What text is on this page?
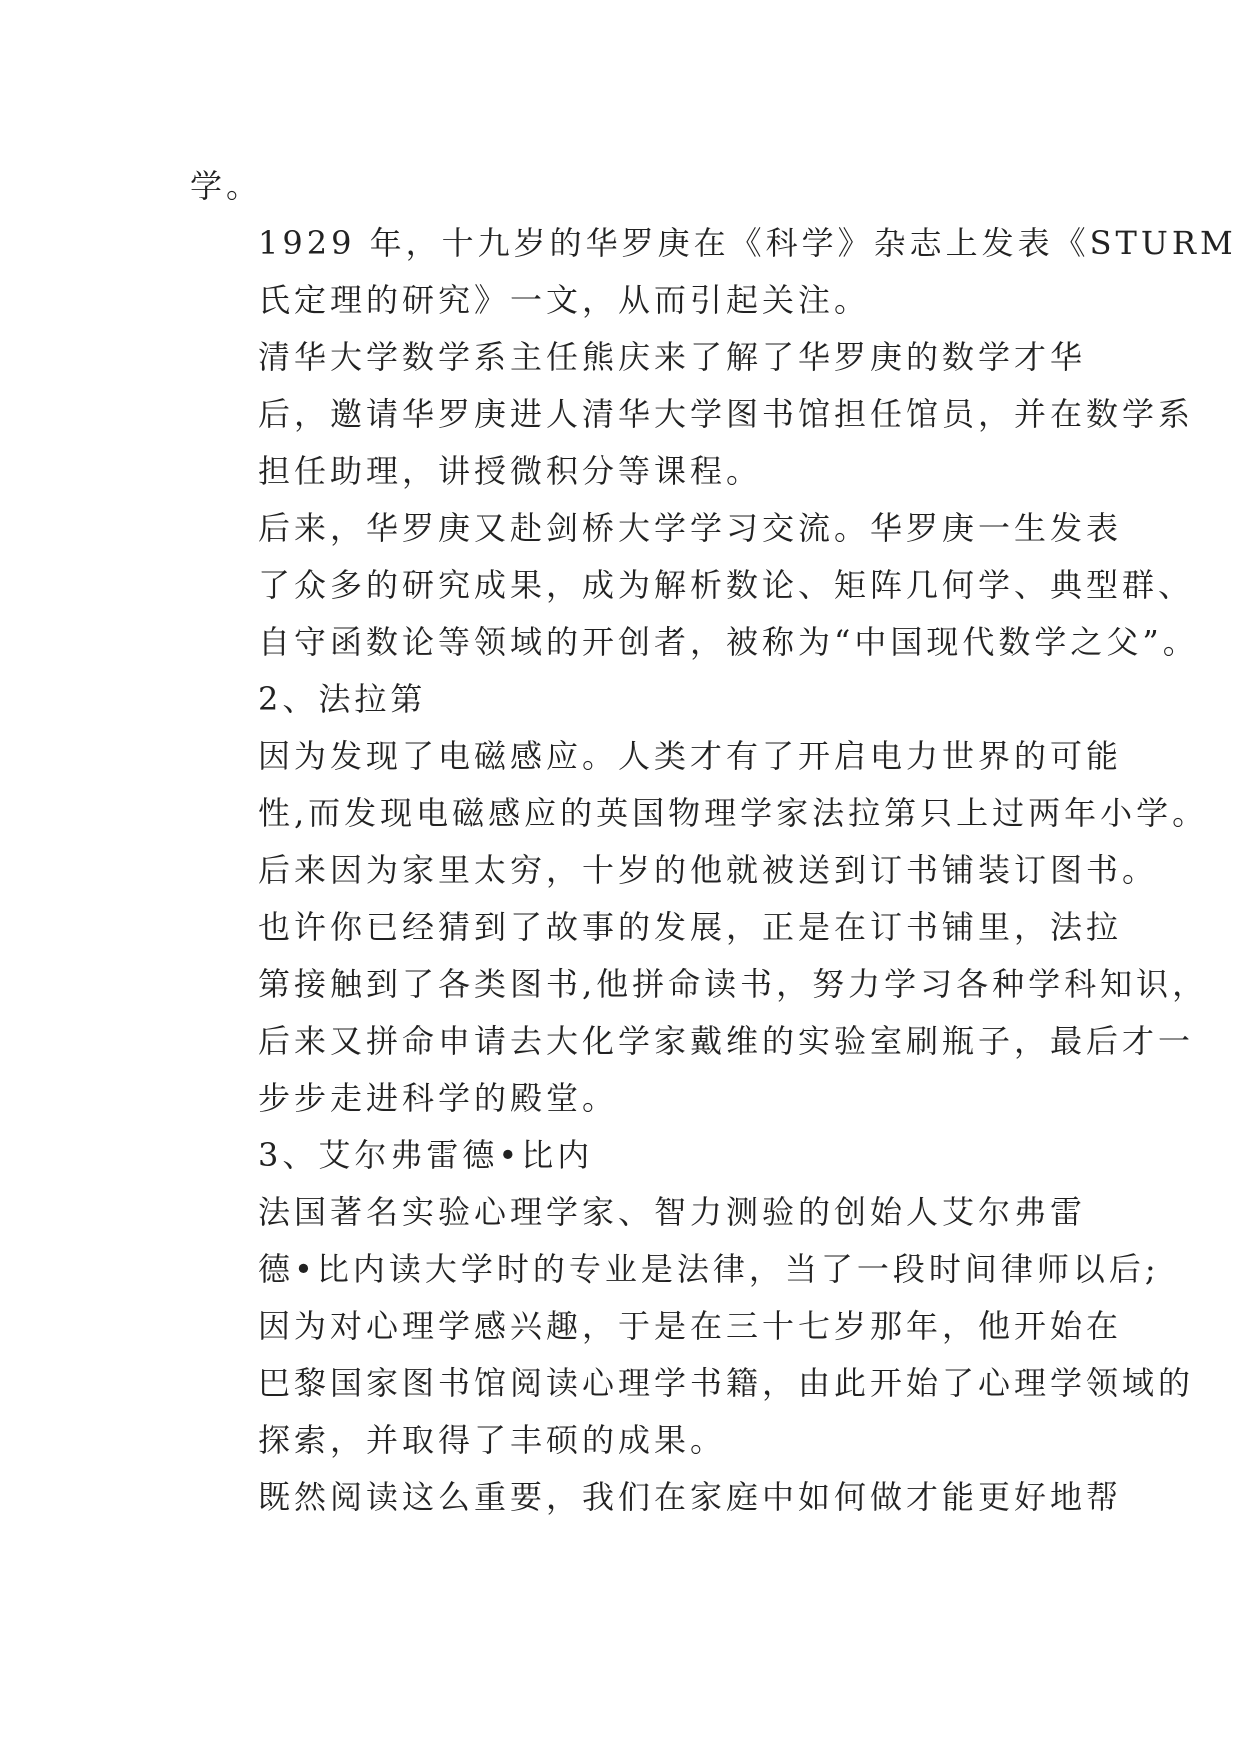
学。

1929 年，十九岁的华罗庚在《科学》杂志上发表《STURM
氏定理的研究》一文，从而引起关注。

清华大学数学系主任熊庆来了解了华罗庚的数学才华
后，邀请华罗庚进人清华大学图书馆担任馆员，并在数学系
担任助理，讲授微积分等课程。

后来，华罗庚又赴剑桥大学学习交流。华罗庚一生发表
了众多的研究成果，成为解析数论、矩阵几何学、典型群、
自守函数论等领域的开创者，被称为“中国现代数学之父”。

2、法拉第

因为发现了电磁感应。人类才有了开启电力世界的可能
性,而发现电磁感应的英国物理学家法拉第只上过两年小学。
后来因为家里太穷，十岁的他就被送到订书铺装订图书。

也许你已经猜到了故事的发展，正是在订书铺里，法拉
第接触到了各类图书,他拼命读书，努力学习各种学科知识，
后来又拼命申请去大化学家戴维的实验室刷瓶子，最后才一
步步走进科学的殿堂。

3、艾尔弗雷德•比内

法国著名实验心理学家、智力测验的创始人艾尔弗雷
德•比内读大学时的专业是法律，当了一段时间律师以后;

因为对心理学感兴趣，于是在三十七岁那年，他开始在
巴黎国家图书馆阅读心理学书籍，由此开始了心理学领域的
探索，并取得了丰硕的成果。

既然阅读这么重要，我们在家庭中如何做才能更好地帮
